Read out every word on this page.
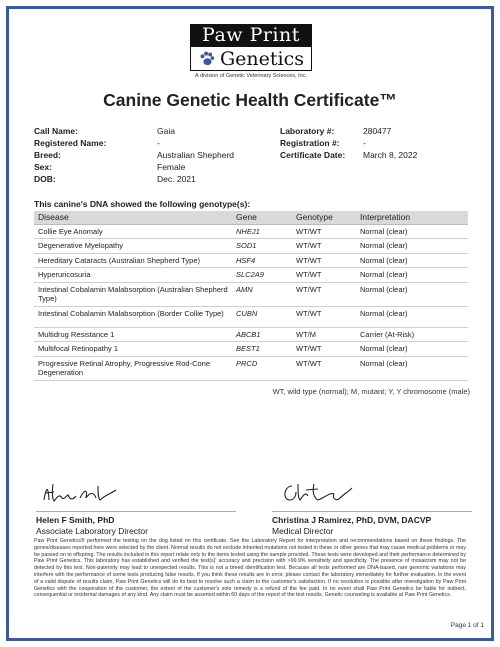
Paw Print
Genetics
A division of Genetic Veterinary Sciences, Inc.
Canine Genetic Health Certificate™
Call Name:	Gaia
Registered Name:	-
Breed:	Australian Shepherd
Sex:	Female
DOB:	Dec. 2021
Laboratory #:	280477
Registration #:	-
Certificate Date:	March 8, 2022
This canine's DNA showed the following genotype(s):
Disease	Gene	Genotype	Interpretation
Collie Eye Anomaly	NHEJ1	WT/WT	Normal (clear)
Degenerative Myelopathy	SOD1	WT/WT	Normal (clear)
Hereditary Cataracts (Australian Shepherd Type)	HSF4	WT/WT	Normal (clear)
Hyperuricosuria	SLC2A9	WT/WT	Normal (clear)
Intestinal Cobalamin Malabsorption (Australian Shepherd Type)	AMN	WT/WT	Normal (clear)
Intestinal Cobalamin Malabsorption (Border Collie Type)	CUBN	WT/WT	Normal (clear)
Multidrug Resistance 1	ABCB1	WT/M	Carrier (At-Risk)
Multifocal Retinopathy 1	BEST1	WT/WT	Normal (clear)
Progressive Retinal Atrophy, Progressive Rod-Cone Degeneration	PRCD	WT/WT	Normal (clear)
WT, wild type (normal); M, mutant; Y, Y chromosome (male)
Helen F Smith, PhD
Associate Laboratory Director
Christina J Ramirez, PhD, DVM, DACVP
Medical Director
Paw Print Genetics® performed the testing on the dog listed on this certificate. See the Laboratory Report for interpretation and recommendations based on these findings. The genes/diseases reported here were selected by the client. Normal results do not exclude inherited mutations not tested in these or other genes that may cause medical problems or may be passed on to offspring. The results included in this report relate only to the items tested using the sample provided. These tests were developed and their performance determined by Paw Print Genetics. This laboratory has established and verified the test(s)' accuracy and precision with >99.9% sensitivity and specificity. The presence of mosaicism may not be detected by this test. Non-paternity may lead to unexpected results. This is not a breed identification test. Because all tests performed are DNA-based, rare genomic variations may interfere with the performance of some tests producing false results. If you think these results are in error, please contact the laboratory immediately for further evaluation. In the event of a valid dispute of results claim, Paw Print Genetics will do its best to resolve such a claim to the customer's satisfaction. If no resolution is possible after investigation by Paw Print Genetics with the cooperation of the customer, the extent of the customer's sole remedy is a refund of the fee paid. In no event shall Paw Print Genetics be liable for indirect, consequential or incidental damages of any kind. Any claim must be asserted within 60 days of the report of the test results. Genetic counseling is available at Paw Print Genetics.
Page 1 of 1
